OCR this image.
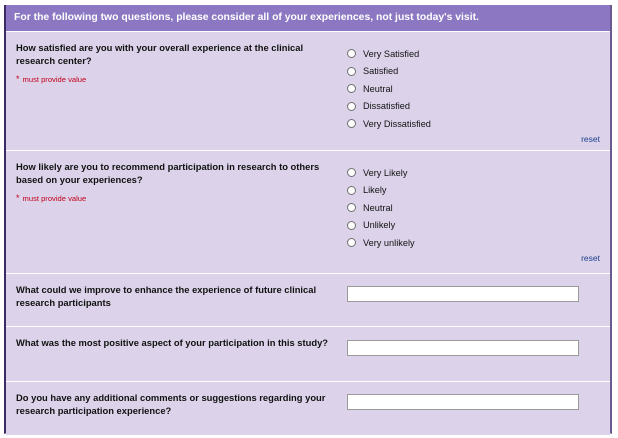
For the following two questions, please consider all of your experiences, not just today's visit.
How satisfied are you with your overall experience at the clinical research center?
* must provide value
Very Satisfied
Satisfied
Neutral
Dissatisfied
Very Dissatisfied
reset
How likely are you to recommend participation in research to others based on your experiences?
* must provide value
Very Likely
Likely
Neutral
Unlikely
Very unlikely
reset
What could we improve to enhance the experience of future clinical research participants
What was the most positive aspect of your participation in this study?
Do you have any additional comments or suggestions regarding your research participation experience?
